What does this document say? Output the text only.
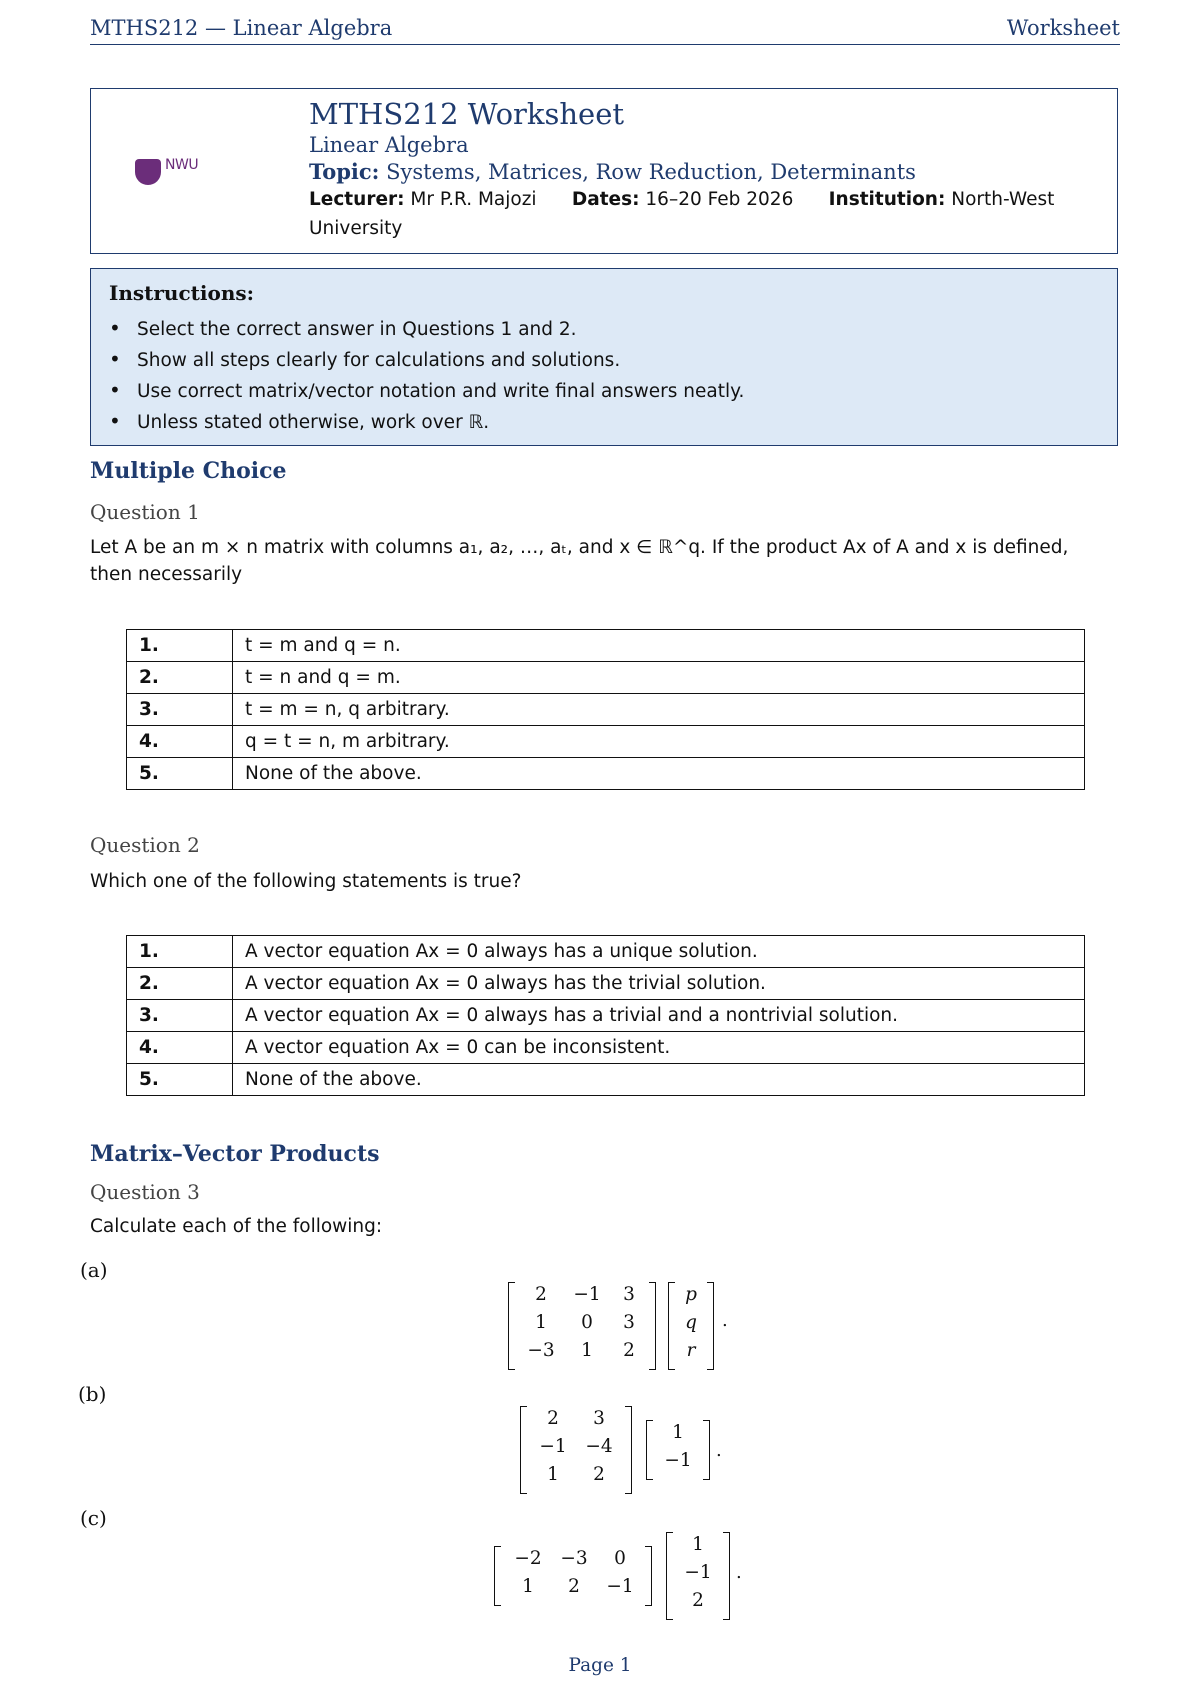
MTHS212 — Linear Algebra	Worksheet
NWU
MTHS212 Worksheet
Linear Algebra
Topic: Systems, Matrices, Row Reduction, Determinants
Lecturer: Mr P.R. Majozi Dates: 16–20 Feb 2026 Institution: North-West University
Instructions:
• Select the correct answer in Questions 1 and 2.
• Show all steps clearly for calculations and solutions.
• Use correct matrix/vector notation and write final answers neatly.
• Unless stated otherwise, work over ℝ.
Multiple Choice
Question 1
Let A be an m × n matrix with columns a₁, a₂, …, aₜ, and x ∈ ℝ^q. If the product Ax of A and x is defined,
then necessarily
1.	t = m and q = n.
2.	t = n and q = m.
3.	t = m = n, q arbitrary.
4.	q = t = n, m arbitrary.
5.	None of the above.
Question 2
Which one of the following statements is true?
1.	A vector equation Ax = 0 always has a unique solution.
2.	A vector equation Ax = 0 always has the trivial solution.
3.	A vector equation Ax = 0 always has a trivial and a nontrivial solution.
4.	A vector equation Ax = 0 can be inconsistent.
5.	None of the above.
Matrix–Vector Products
Question 3
Calculate each of the following:
(a)
2	−1	3
1	0	3
−3	1	2
p
q
r
.
(b)
2	3
−1 −4
1	2
1
−1 .
(c)
−2 −3	0
1	2	−1
1
−1
2
.
Page 1
